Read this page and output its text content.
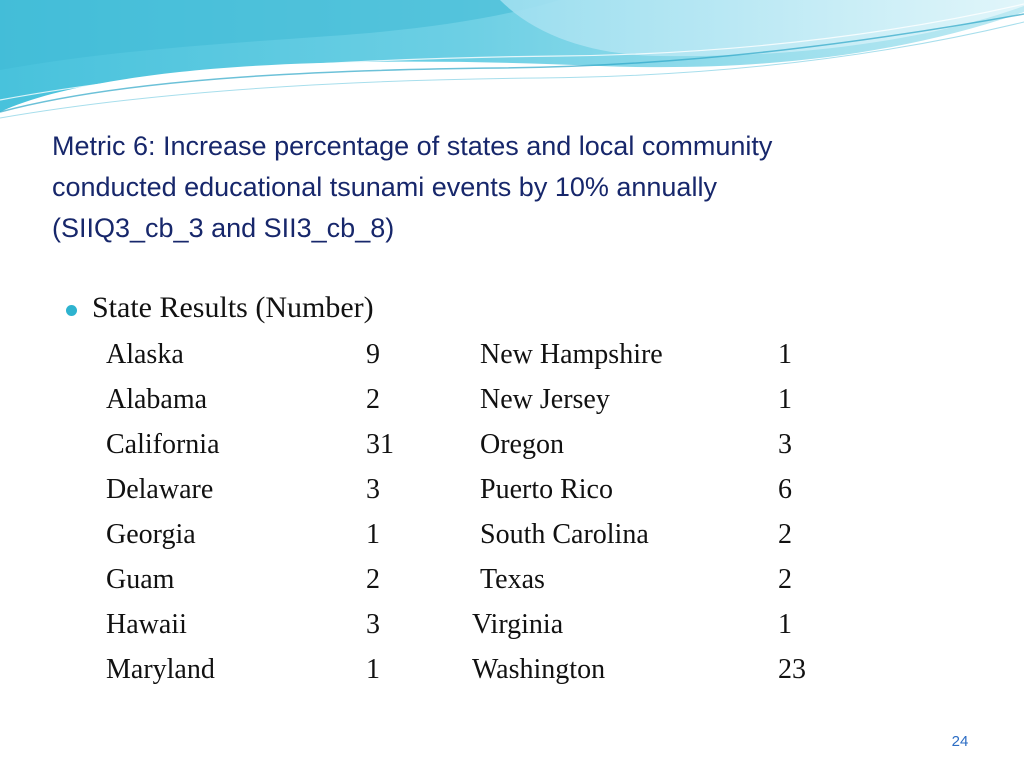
Metric 6: Increase percentage of states and local community
conducted educational tsunami events by 10% annually
(SIIQ3_cb_3 and SII3_cb_8)
State Results (Number)
Alaska	9	New Hampshire	1
Alabama	2	New Jersey	1
California	31	Oregon	3
Delaware	3	Puerto Rico	6
Georgia	1	South Carolina	2
Guam	2	Texas	2
Hawaii	3	Virginia	1
Maryland	1	Washington	23
24
